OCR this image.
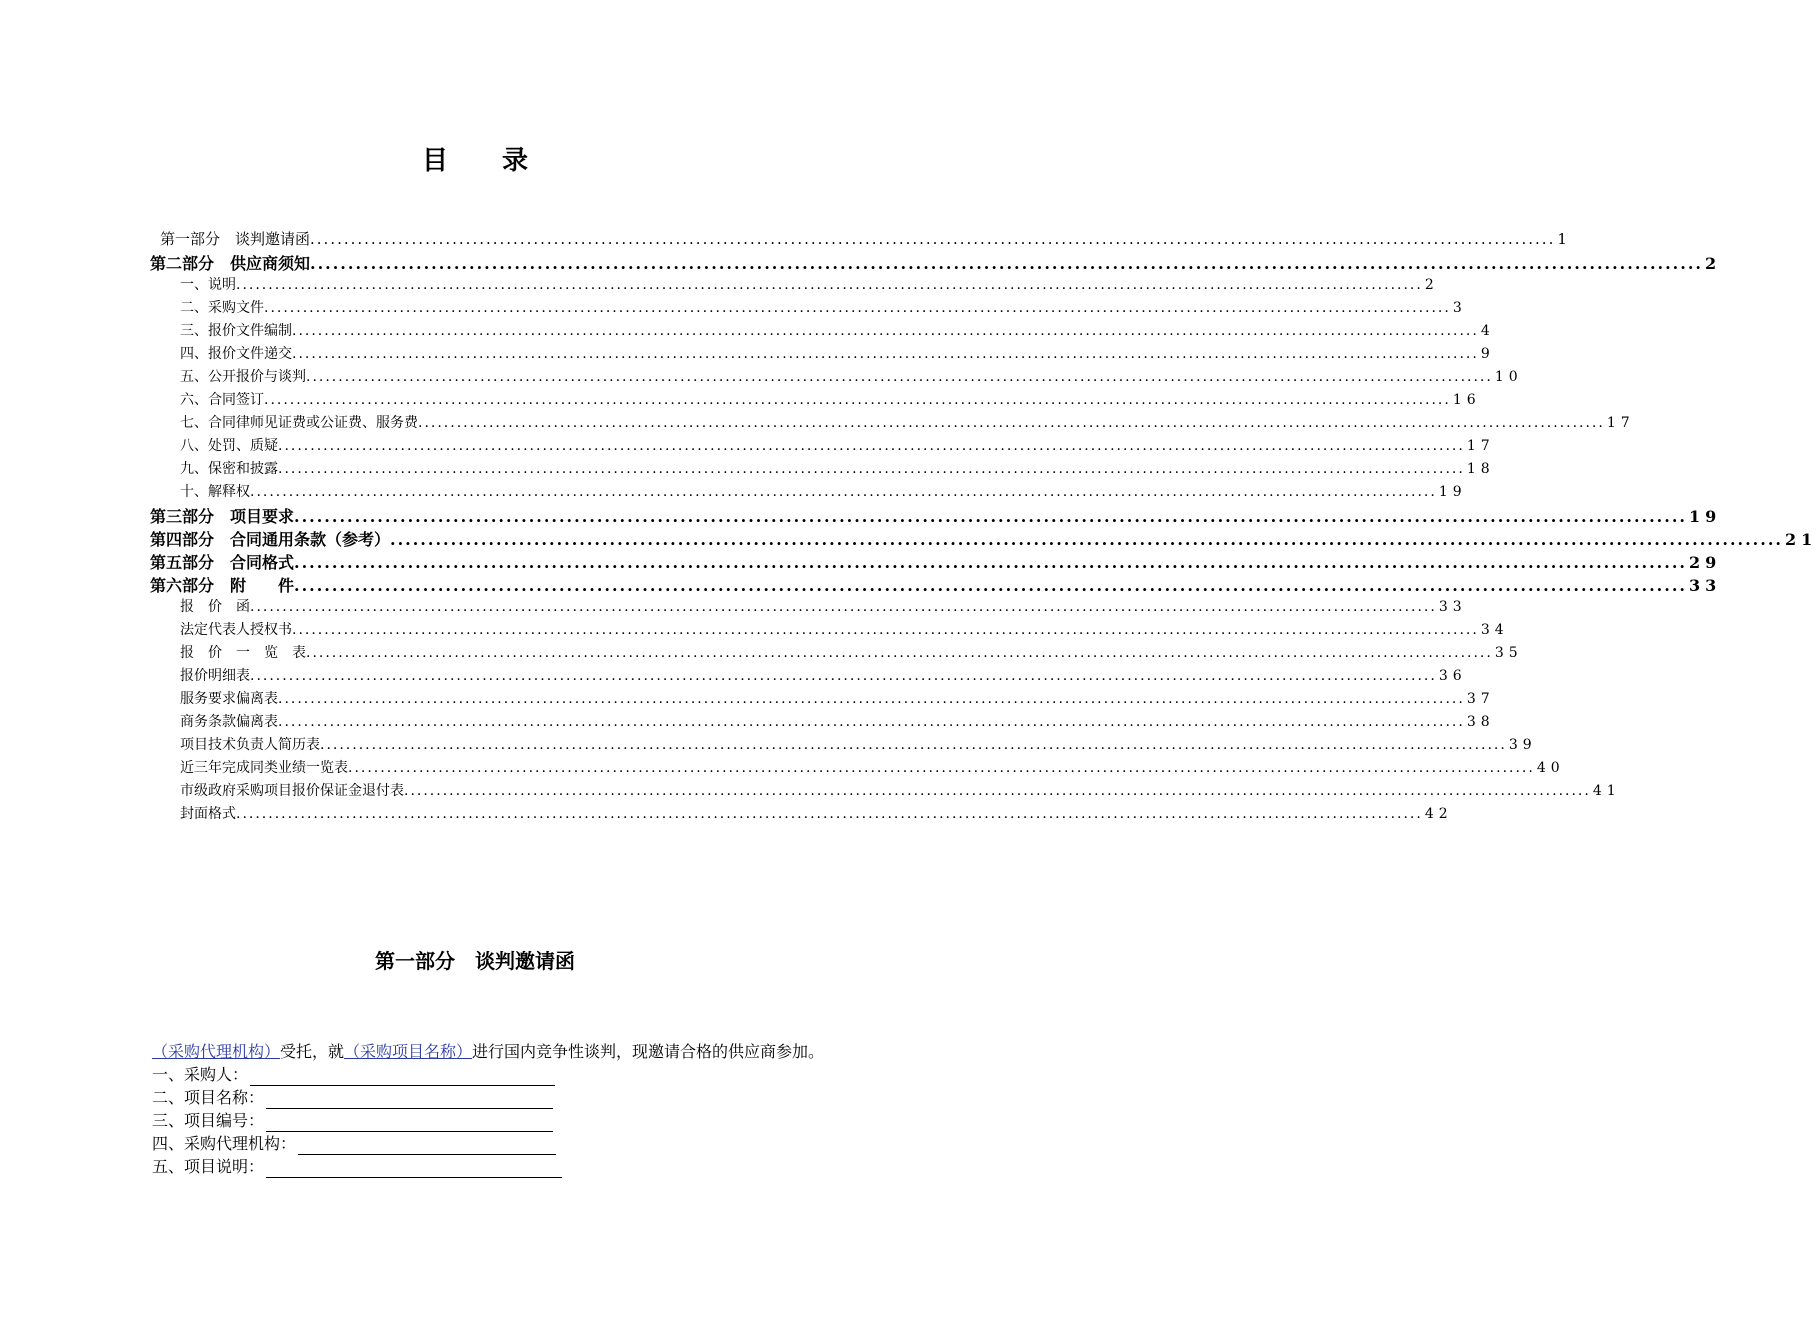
目 录
第一部分　谈判邀请函 .....	1
第二部分　供应商须知 .....	2
一、说明 .....	2
二、采购文件 .....	3
三、报价文件编制 .....	4
四、报价文件递交 .....	9
五、公开报价与谈判 .....	10
六、合同签订 .....	16
七、合同律师见证费或公证费、服务费 .....	17
八、处罚、质疑 .....	17
九、保密和披露 .....	18
十、解释权 .....	19
第三部分　项目要求 .....	19
第四部分　合同通用条款（参考） .....	21
第五部分　合同格式 .....	29
第六部分　附　　件 .....	33
报　价　函 .....	33
法定代表人授权书 .....	34
报　价　一　览　表 .....	35
报价明细表 .....	36
服务要求偏离表 .....	37
商务条款偏离表 .....	38
项目技术负责人简历表 .....	39
近三年完成同类业绩一览表 .....	40
市级政府采购项目报价保证金退付表 .....	41
封面格式 .....	42
第一部分　谈判邀请函
（采购代理机构）受托，就（采购项目名称）进行国内竞争性谈判，现邀请合格的供应商参加。
一、采购人：
二、项目名称：
三、项目编号：
四、采购代理机构：
五、项目说明：
